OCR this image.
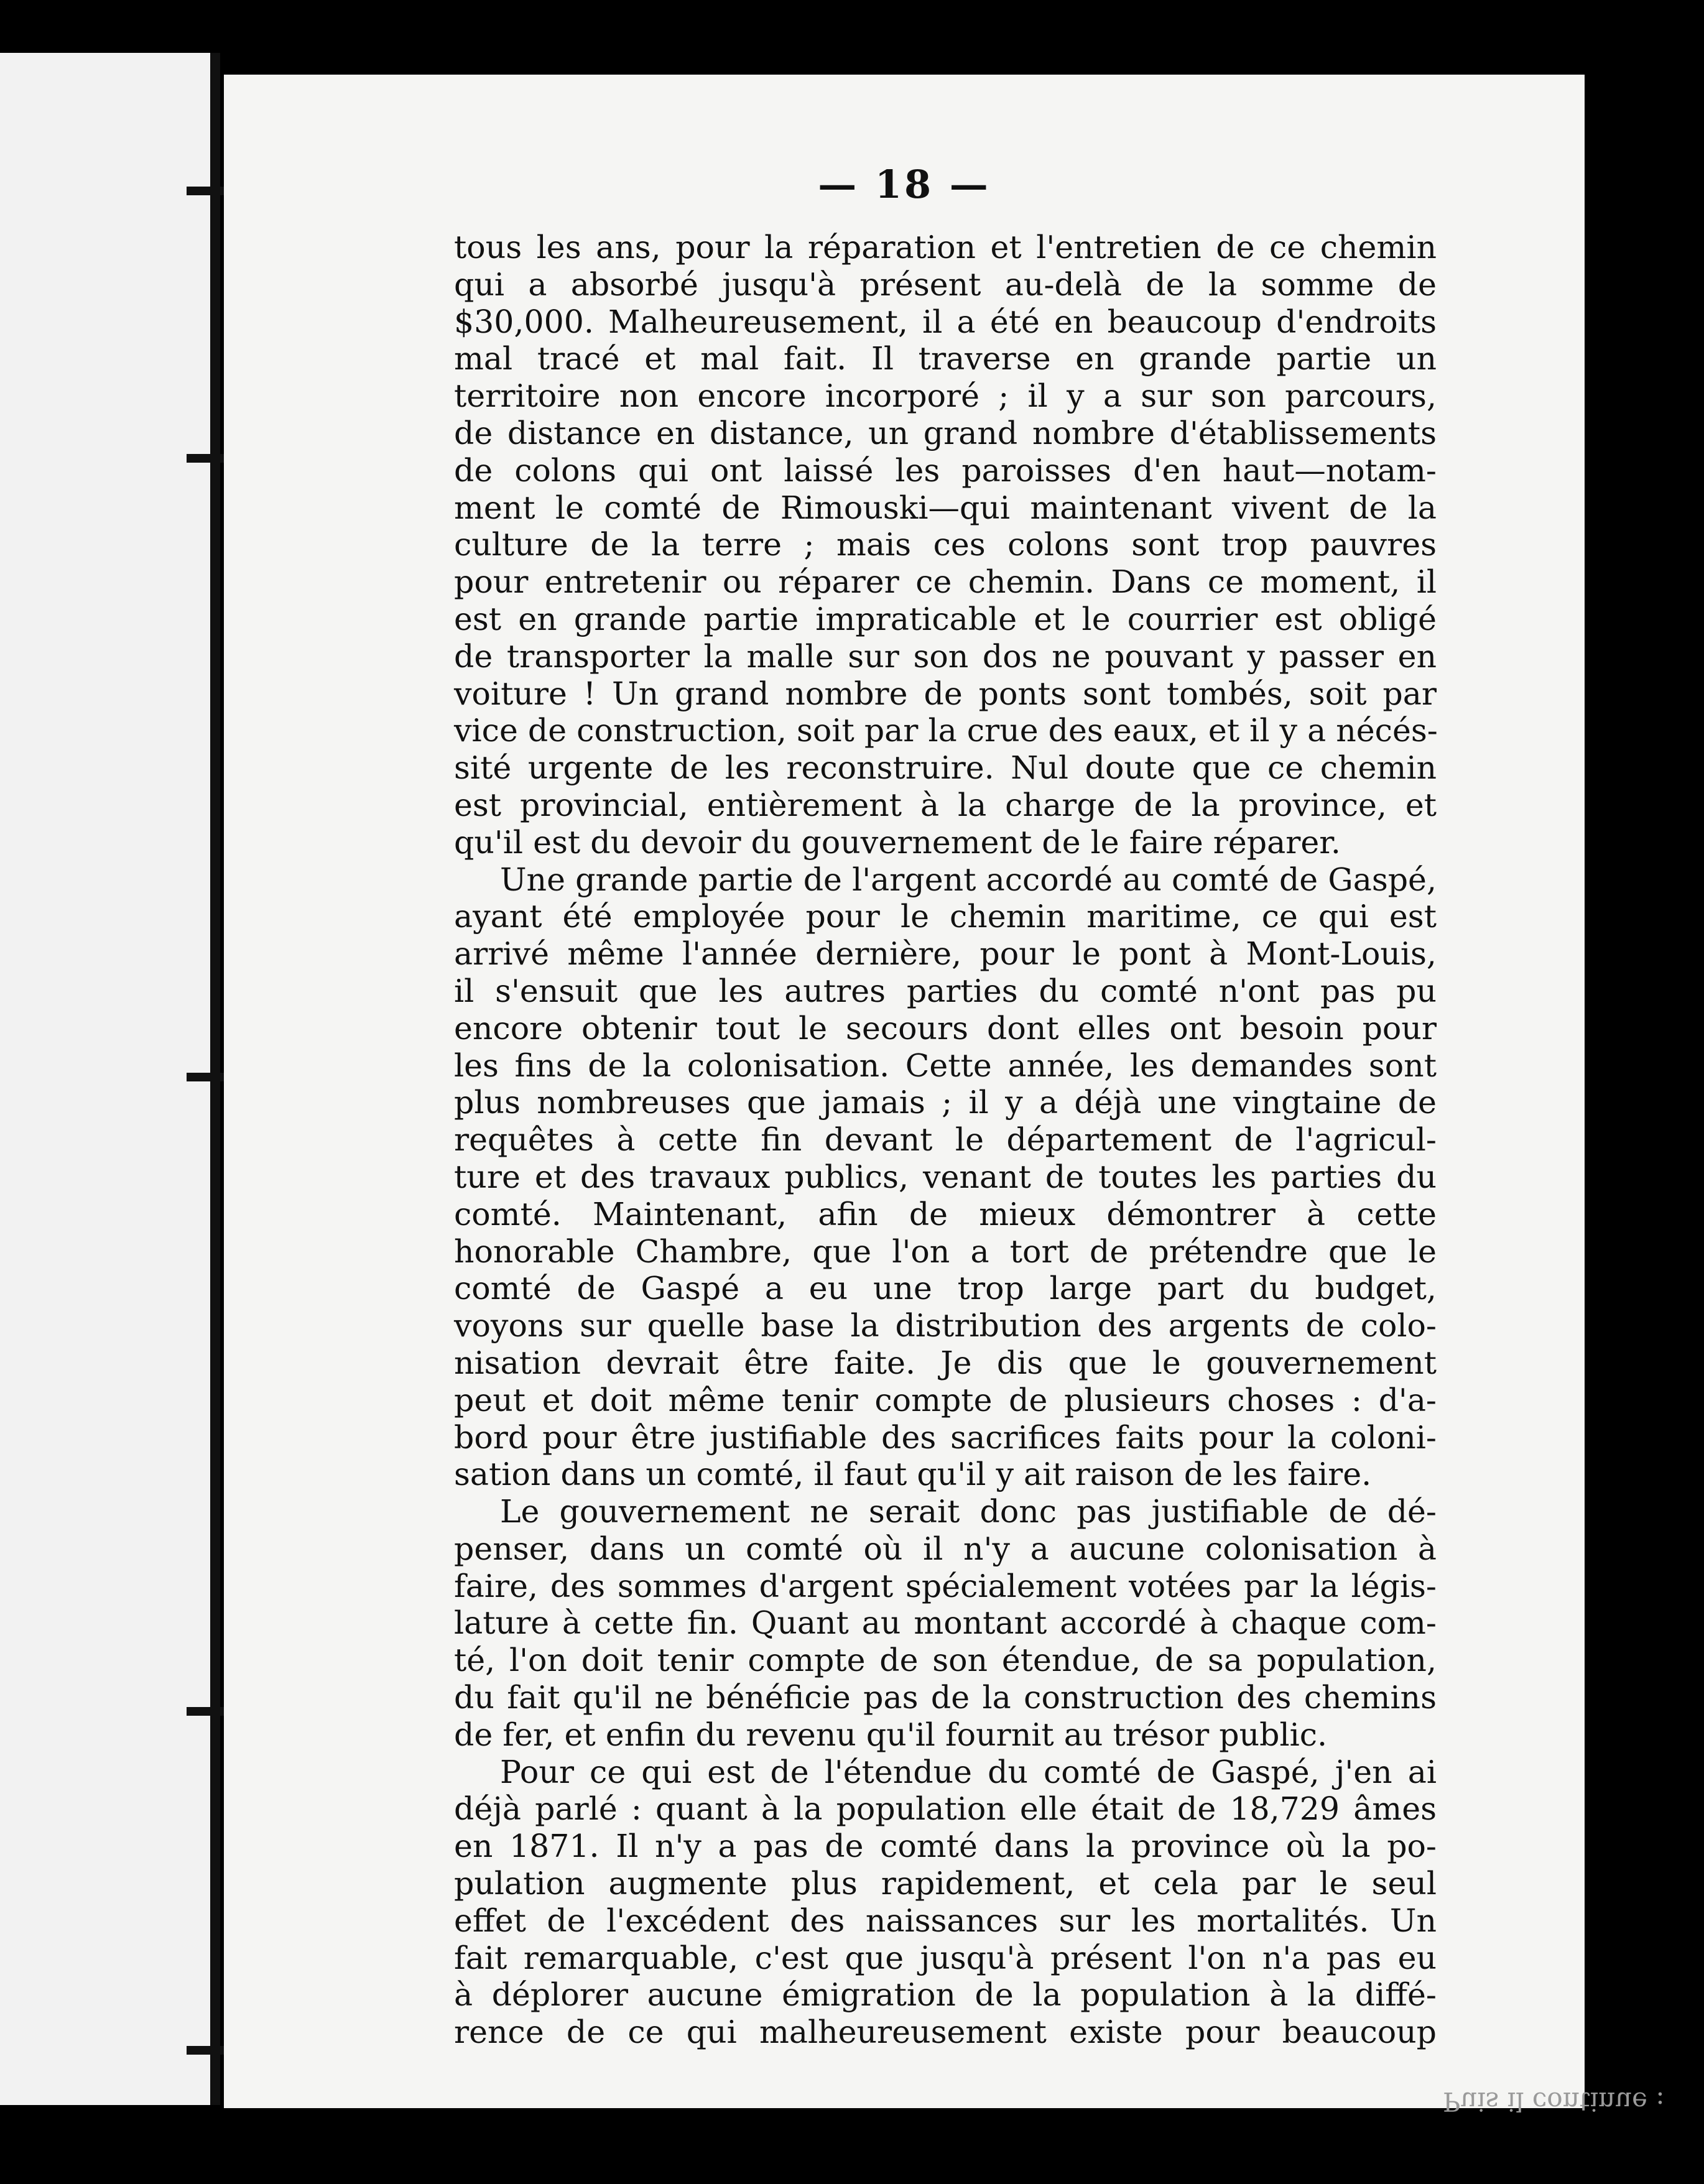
— 18 —
tous les ans, pour la réparation et l'entretien de ce chemin
qui a absorbé jusqu'à présent au-delà de la somme de
$30,000. Malheureusement, il a été en beaucoup d'endroits
mal tracé et mal fait. Il traverse en grande partie un
territoire non encore incorporé ; il y a sur son parcours,
de distance en distance, un grand nombre d'établissements
de colons qui ont laissé les paroisses d'en haut—notam-
ment le comté de Rimouski—qui maintenant vivent de la
culture de la terre ; mais ces colons sont trop pauvres
pour entretenir ou réparer ce chemin. Dans ce moment, il
est en grande partie impraticable et le courrier est obligé
de transporter la malle sur son dos ne pouvant y passer en
voiture ! Un grand nombre de ponts sont tombés, soit par
vice de construction, soit par la crue des eaux, et il y a nécés-
sité urgente de les reconstruire. Nul doute que ce chemin
est provincial, entièrement à la charge de la province, et
qu'il est du devoir du gouvernement de le faire réparer.
Une grande partie de l'argent accordé au comté de Gaspé,
ayant été employée pour le chemin maritime, ce qui est
arrivé même l'année dernière, pour le pont à Mont-Louis,
il s'ensuit que les autres parties du comté n'ont pas pu
encore obtenir tout le secours dont elles ont besoin pour
les fins de la colonisation. Cette année, les demandes sont
plus nombreuses que jamais ; il y a déjà une vingtaine de
requêtes à cette fin devant le département de l'agricul-
ture et des travaux publics, venant de toutes les parties du
comté. Maintenant, afin de mieux démontrer à cette
honorable Chambre, que l'on a tort de prétendre que le
comté de Gaspé a eu une trop large part du budget,
voyons sur quelle base la distribution des argents de colo-
nisation devrait être faite. Je dis que le gouvernement
peut et doit même tenir compte de plusieurs choses : d'a-
bord pour être justifiable des sacrifices faits pour la coloni-
sation dans un comté, il faut qu'il y ait raison de les faire.
Le gouvernement ne serait donc pas justifiable de dé-
penser, dans un comté où il n'y a aucune colonisation à
faire, des sommes d'argent spécialement votées par la légis-
lature à cette fin. Quant au montant accordé à chaque com-
té, l'on doit tenir compte de son étendue, de sa population,
du fait qu'il ne bénéficie pas de la construction des chemins
de fer, et enfin du revenu qu'il fournit au trésor public.
Pour ce qui est de l'étendue du comté de Gaspé, j'en ai
déjà parlé : quant à la population elle était de 18,729 âmes
en 1871. Il n'y a pas de comté dans la province où la po-
pulation augmente plus rapidement, et cela par le seul
effet de l'excédent des naissances sur les mortalités. Un
fait remarquable, c'est que jusqu'à présent l'on n'a pas eu
à déplorer aucune émigration de la population à la diffé-
rence de ce qui malheureusement existe pour beaucoup
Puis il continue :
